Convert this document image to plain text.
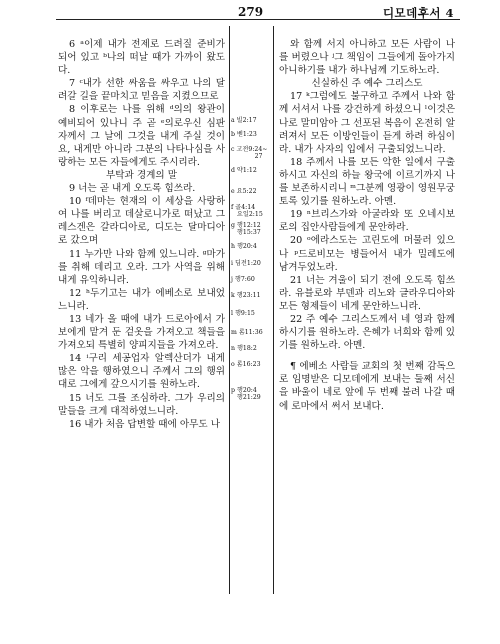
279	디모데후서 4

6 ᵃ이제 내가 전제로 드려질 준비가 되어 있고 ᵇ나의 떠날 때가 가까이 왔도다.

7 ᶜ내가 선한 싸움을 싸우고 나의 달려갈 길을 끝마치고 믿음을 지켰으므로

8 이후로는 나를 위해 ᵈ의의 왕관이 예비되어 있나니 주 곧 ᵉ의로우신 심판자께서 그 날에 그것을 내게 주실 것이요, 내게만 아니라 그분의 나타나심을 사랑하는 모든 자들에게도 주시리라.

부탁과 경계의 말

9 너는 곧 내게 오도록 힘쓰라.

10 ᶠ데마는 현재의 이 세상을 사랑하여 나를 버리고 데살로니가로 떠났고 그레스겐은 갈라디아로, 디도는 달마디아로 갔으며

11 누가만 나와 함께 있느니라. ᵍ마가를 취해 데리고 오라. 그가 사역을 위해 내게 유익하니라.

12 ʰ두기고는 내가 에베소로 보내었느니라.

13 네가 올 때에 내가 드로아에서 가보에게 맡겨 둔 겉옷을 가져오고 책들을 가져오되 특별히 양피지들을 가져오라.

14 ⁱ구리 세공업자 알렉산더가 내게 많은 악을 행하였으니 주께서 그의 행위대로 그에게 갚으시기를 원하노라.

15 너도 그를 조심하라. 그가 우리의 말들을 크게 대적하였느니라.

16 내가 처음 답변할 때에 아무도 나

와 함께 서지 아니하고 모든 사람이 나를 버렸으나 ʲ그 책임이 그들에게 돌아가지 아니하기를 내가 하나님께 기도하노라.

신실하신 주 예수 그리스도

17 ᵏ그럼에도 불구하고 주께서 나와 함께 서셔서 나를 강건하게 하셨으니 ˡ이것은 나로 말미암아 그 선포된 복음이 온전히 알려져서 모든 이방인들이 듣게 하려 하심이라. 내가 사자의 입에서 구출되었느니라.

18 주께서 나를 모든 악한 일에서 구출하시고 자신의 하늘 왕국에 이르기까지 나를 보존하시리니 ᵐ그분께 영광이 영원무궁토록 있기를 원하노라. 아멘.

19 ⁿ브리스가와 아굴라와 또 오네시보로의 집안사람들에게 문안하라.

20 ᵒ에라스도는 고린도에 머물러 있으나 ᵖ드로비모는 병들어서 내가 밀레도에 남겨두었노라.

21 너는 겨울이 되기 전에 오도록 힘쓰라. 유블로와 부덴과 리노와 글라우디아와 모든 형제들이 네게 문안하느니라.

22 주 예수 그리스도께서 네 영과 함께 하시기를 원하노라. 은혜가 너희와 함께 있기를 원하노라. 아멘.

¶ 에베소 사람들 교회의 첫 번째 감독으로 임명받은 디모데에게 보내는 둘째 서신을 바울이 네로 앞에 두 번째 불려 나갈 때에 로마에서 써서 보내다.

a 빌2:17
b 벧1:23
c 고전9:24~
27
d 약1:12
e 요5:22
f 골4:14
요일2:15
g 행12:12
행15:37
h 행20:4
i 딤전1:20
j 행7:60
k 행23:11
l 행9:15
m 롬11:36
n 행18:2
o 롬16:23
p 행20:4
행21:29
